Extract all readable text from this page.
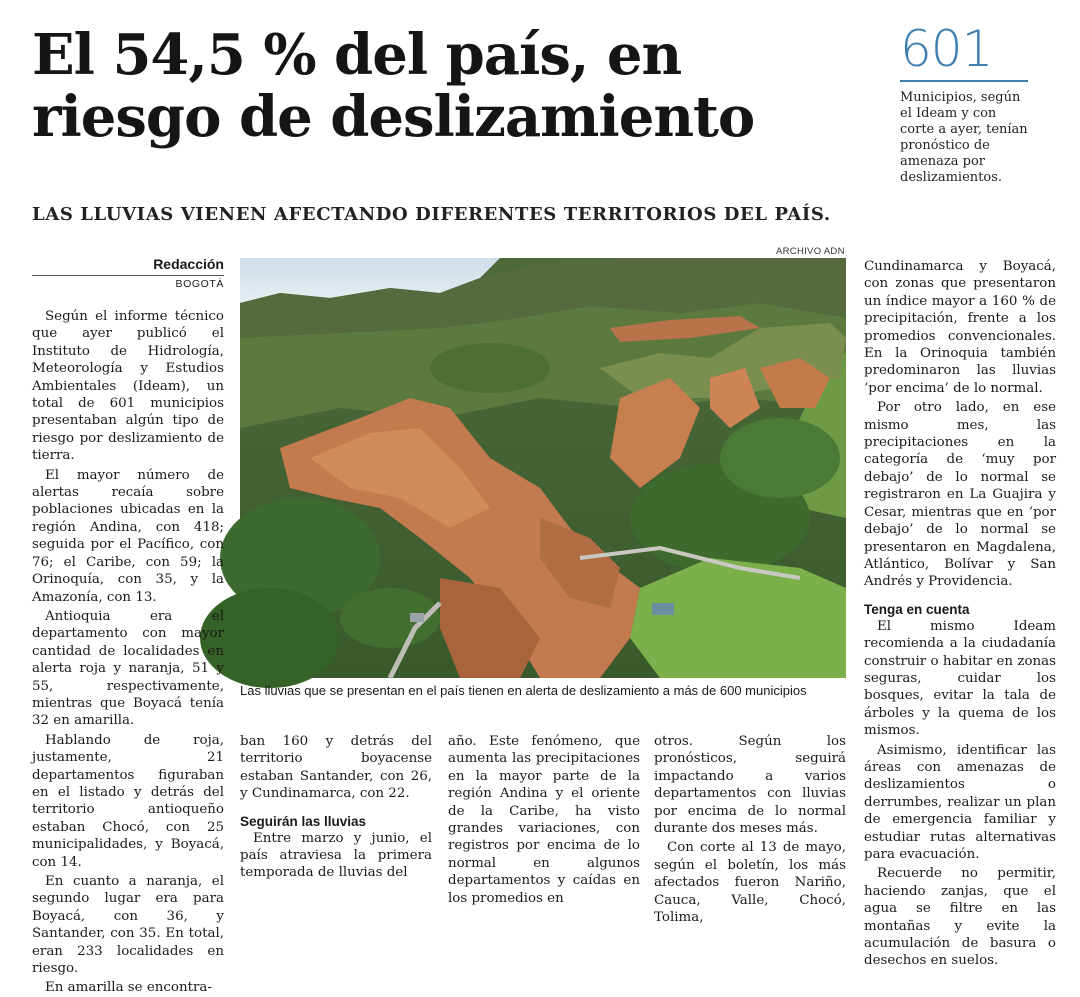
El 54,5 % del país, en riesgo de deslizamiento
601
Municipios, según el Ideam y con corte a ayer, tenían pronóstico de amenaza por deslizamientos.
LAS LLUVIAS VIENEN AFECTANDO DIFERENTES TERRITORIOS DEL PAÍS.
Redacción
BOGOTÁ
ARCHIVO ADN
Las lluvias que se presentan en el país tienen en alerta de deslizamiento a más de 600 municipios

Según el informe técnico que ayer publicó el Instituto de Hidrología, Meteorología y Estudios Ambientales (Ideam), un total de 601 municipios presentaban algún tipo de riesgo por deslizamiento de tierra.

El mayor número de alertas recaía sobre poblaciones ubicadas en la región Andina, con 418; seguida por el Pacífico, con 76; el Caribe, con 59; la Orinoquía, con 35, y la Amazonía, con 13.

Antioquia era el departamento con mayor cantidad de localidades en alerta roja y naranja, 51 y 55, respectivamente, mientras que Boyacá tenía 32 en amarilla.

Hablando de roja, justamente, 21 departamentos figuraban en el listado y detrás del territorio antioqueño estaban Chocó, con 25 municipalidades, y Boyacá, con 14.

En cuanto a naranja, el segundo lugar era para Boyacá, con 36, y Santander, con 35. En total, eran 233 localidades en riesgo.

En amarilla se encontra-

ban 160 y detrás del territorio boyacense estaban Santander, con 26, y Cundinamarca, con 22.

Seguirán las lluvias

Entre marzo y junio, el país atraviesa la primera temporada de lluvias del

año. Este fenómeno, que aumenta las precipitaciones en la mayor parte de la región Andina y el oriente de la Caribe, ha visto grandes variaciones, con registros por encima de lo normal en algunos departamentos y caídas en los promedios en

otros. Según los pronósticos, seguirá impactando a varios departamentos con lluvias por encima de lo normal durante dos meses más.

Con corte al 13 de mayo, según el boletín, los más afectados fueron Nariño, Cauca, Valle, Chocó, Tolima,

Cundinamarca y Boyacá, con zonas que presentaron un índice mayor a 160 % de precipitación, frente a los promedios convencionales. En la Orinoquia también predominaron las lluvias ‘por encima’ de lo normal.

Por otro lado, en ese mismo mes, las precipitaciones en la categoría de ‘muy por debajo’ de lo normal se registraron en La Guajira y Cesar, mientras que en ‘por debajo’ de lo normal se presentaron en Magdalena, Atlántico, Bolívar y San Andrés y Providencia.

Tenga en cuenta

El mismo Ideam recomienda a la ciudadanía construir o habitar en zonas seguras, cuidar los bosques, evitar la tala de árboles y la quema de los mismos.

Asimismo, identificar las áreas con amenazas de deslizamientos o derrumbes, realizar un plan de emergencia familiar y estudiar rutas alternativas para evacuación.

Recuerde no permitir, haciendo zanjas, que el agua se filtre en las montañas y evite la acumulación de basura o desechos en suelos.
